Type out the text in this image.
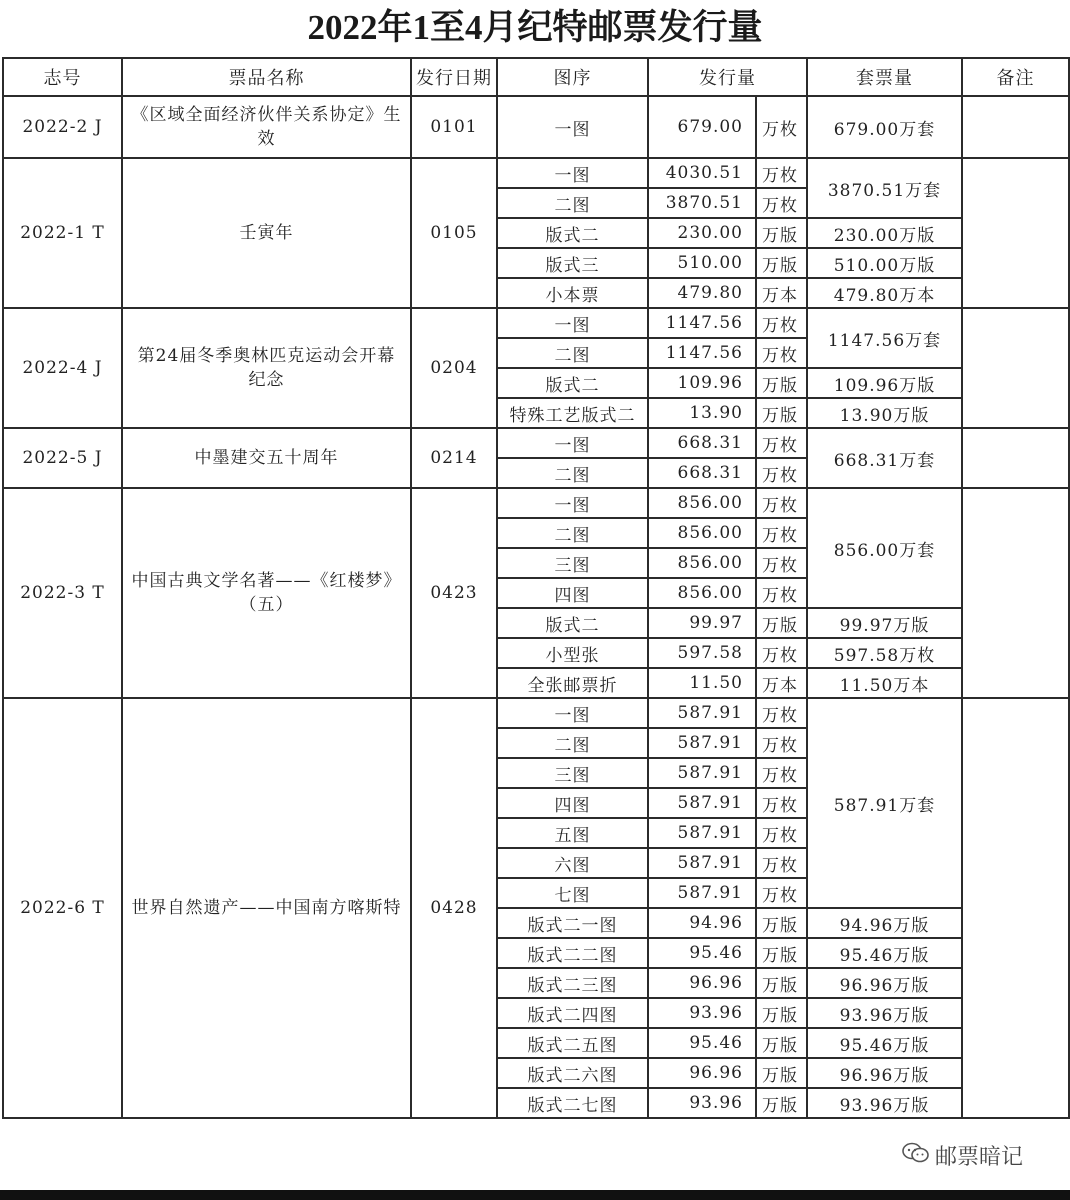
2022年1至4月纪特邮票发行量
志号	票品名称	发行日期	图序	发行量		套票量	备注
2022-2 J	《区域全面经济伙伴关系协定》生效	0101	一图	679.00	万枚	679.00万套	
2022-1 T	壬寅年	0105	一图	4030.51	万枚	3870.51万套	
			二图	3870.51	万枚		
			版式二	230.00	万版	230.00万版	
			版式三	510.00	万版	510.00万版	
			小本票	479.80	万本	479.80万本	
2022-4 J	第24届冬季奥林匹克运动会开幕纪念	0204	一图	1147.56	万枚	1147.56万套	
			二图	1147.56	万枚		
			版式二	109.96	万版	109.96万版	
			特殊工艺版式二	13.90	万版	13.90万版	
2022-5 J	中墨建交五十周年	0214	一图	668.31	万枚	668.31万套	
			二图	668.31	万枚		
2022-3 T	中国古典文学名著——《红楼梦》（五）	0423	一图	856.00	万枚	856.00万套	
			二图	856.00	万枚		
			三图	856.00	万枚		
			四图	856.00	万枚		
			版式二	99.97	万版	99.97万版	
			小型张	597.58	万枚	597.58万枚	
			全张邮票折	11.50	万本	11.50万本	
2022-6 T	世界自然遗产——中国南方喀斯特	0428	一图	587.91	万枚	587.91万套	
			二图	587.91	万枚		
			三图	587.91	万枚		
			四图	587.91	万枚		
			五图	587.91	万枚		
			六图	587.91	万枚		
			七图	587.91	万枚		
			版式二一图	94.96	万版	94.96万版	
			版式二二图	95.46	万版	95.46万版	
			版式二三图	96.96	万版	96.96万版	
			版式二四图	93.96	万版	93.96万版	
			版式二五图	95.46	万版	95.46万版	
			版式二六图	96.96	万版	96.96万版	
			版式二七图	93.96	万版	93.96万版	
邮票暗记
